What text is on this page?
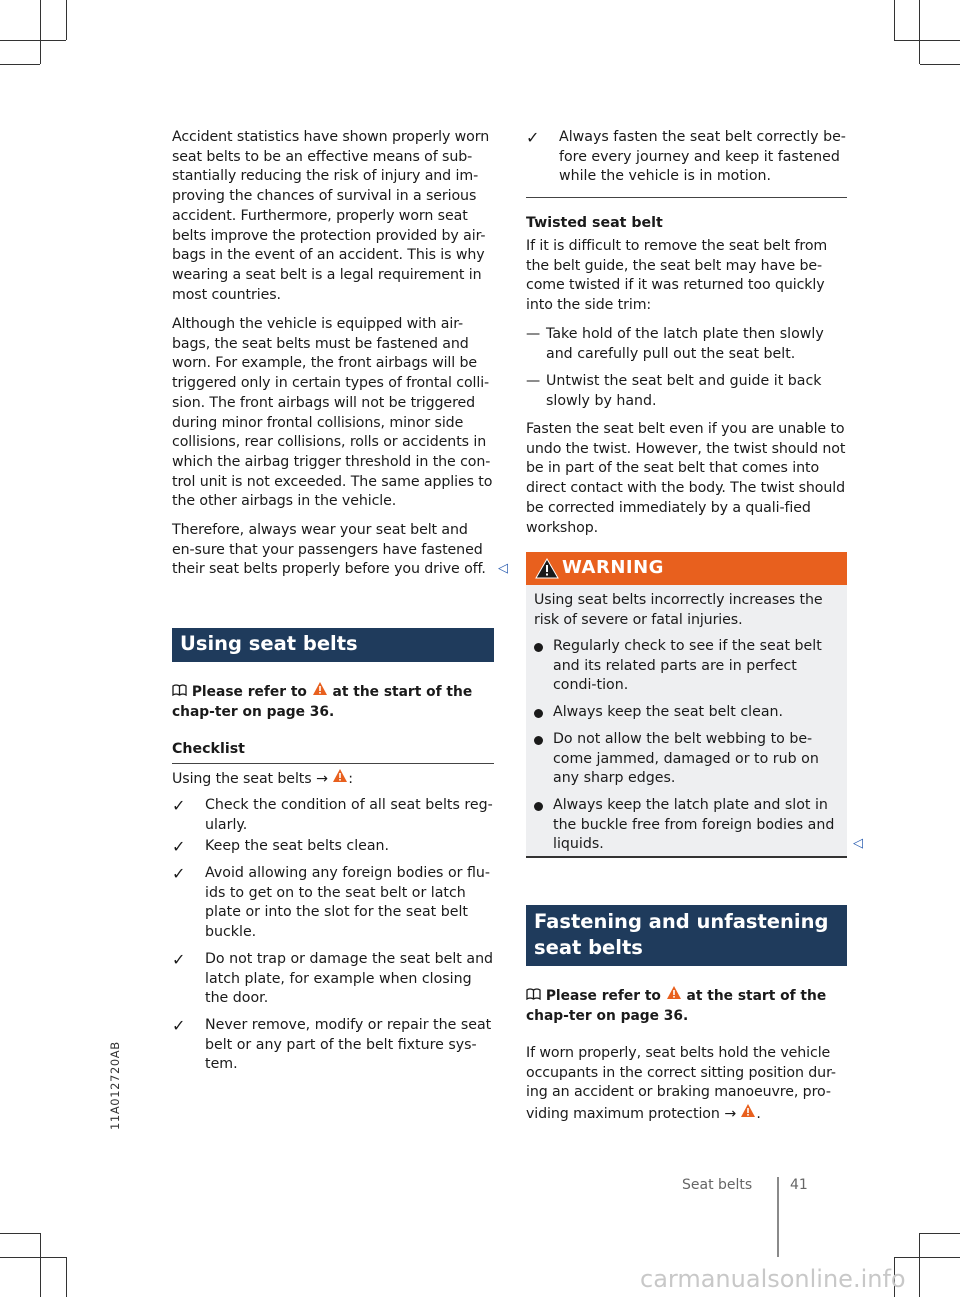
Accident statistics have shown properly worn seat belts to be an effective means of sub-stantially reducing the risk of injury and im-proving the chances of survival in a serious accident. Furthermore, properly worn seat belts improve the protection provided by air-bags in the event of an accident. This is why wearing a seat belt is a legal requirement in most countries.

Although the vehicle is equipped with air-bags, the seat belts must be fastened and worn. For example, the front airbags will be triggered only in certain types of frontal colli-sion. The front airbags will not be triggered during minor frontal collisions, minor side collisions, rear collisions, rolls or accidents in which the airbag trigger threshold in the con-trol unit is not exceeded. The same applies to the other airbags in the vehicle.

Therefore, always wear your seat belt and en-sure that your passengers have fastened their seat belts properly before you drive off. ◁
Using seat belts

Please refer to at the start of the chap-ter on page 36.

Checklist

Using the seat belts → :

✓ Check the condition of all seat belts reg-ularly.

✓ Keep the seat belts clean.

✓ Avoid allowing any foreign bodies or flu-ids to get on to the seat belt or latch plate or into the slot for the seat belt buckle.

✓ Do not trap or damage the seat belt and latch plate, for example when closing the door.

✓ Never remove, modify or repair the seat belt or any part of the belt fixture sys-tem.

✓ Always fasten the seat belt correctly be-fore every journey and keep it fastened while the vehicle is in motion.

Twisted seat belt

If it is difficult to remove the seat belt from the belt guide, the seat belt may have be-come twisted if it was returned too quickly into the side trim:

— Take hold of the latch plate then slowly and carefully pull out the seat belt.

— Untwist the seat belt and guide it back slowly by hand.

Fasten the seat belt even if you are unable to undo the twist. However, the twist should not be in part of the seat belt that comes into direct contact with the body. The twist should be corrected immediately by a quali-fied workshop.

WARNING

Using seat belts incorrectly increases the risk of severe or fatal injuries.

Regularly check to see if the seat belt and its related parts are in perfect condi-tion.

Always keep the seat belt clean.

Do not allow the belt webbing to be-come jammed, damaged or to rub on any sharp edges.

Always keep the latch plate and slot in the buckle free from foreign bodies and liquids.	◁
Fastening and unfastening seat belts

Please refer to at the start of the chap-ter on page 36.

If worn properly, seat belts hold the vehicle occupants in the correct sitting position dur-ing an accident or braking manoeuvre, pro-viding maximum protection → .

11A012720AB
Seat belts	41
carmanualsonline.info
